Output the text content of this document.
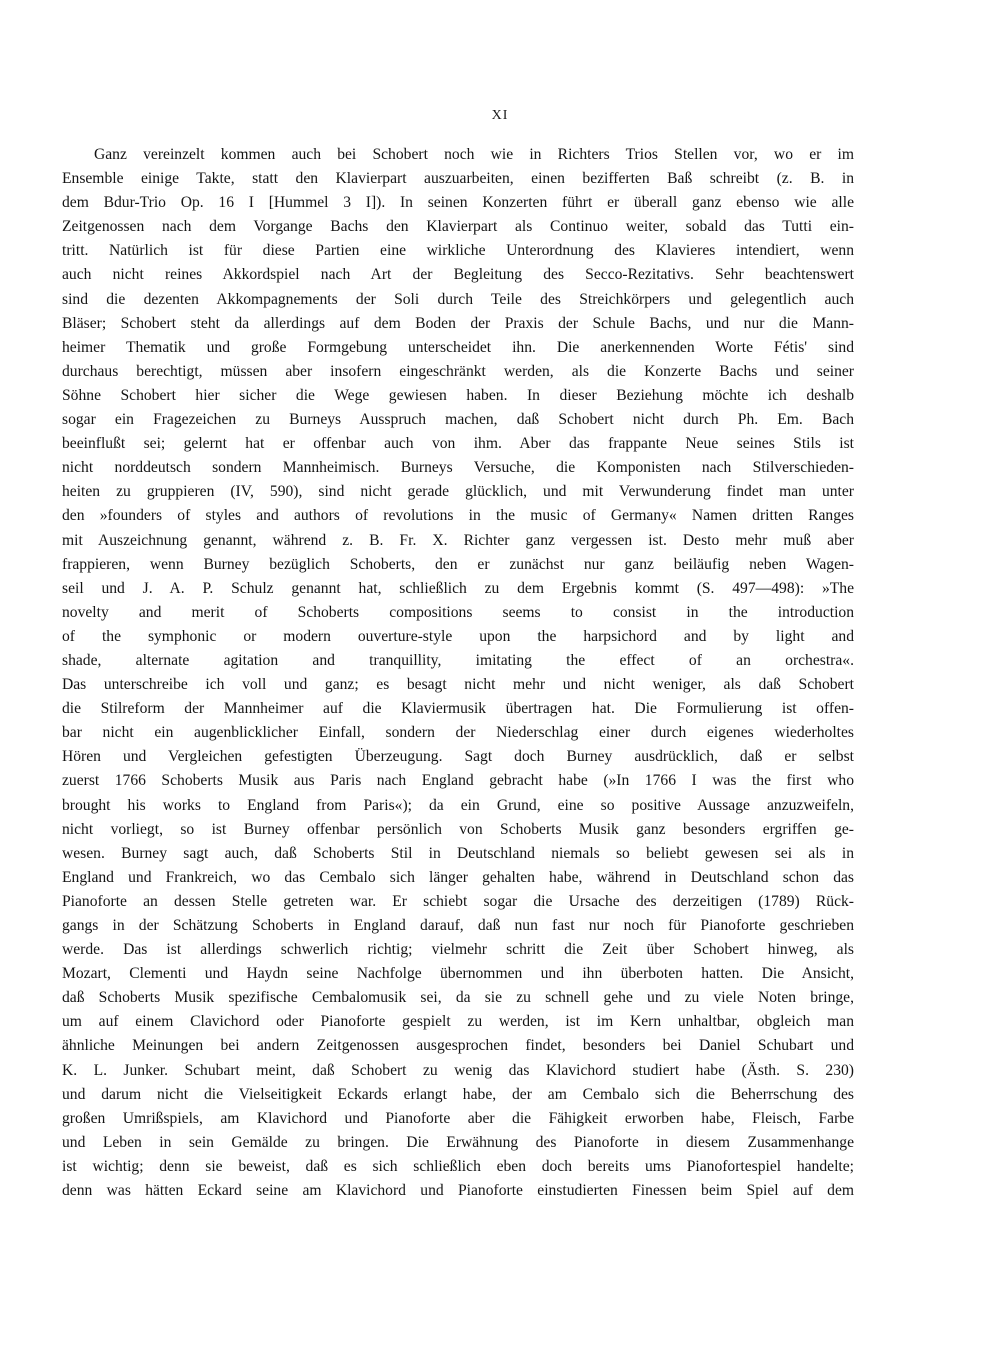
XI
Ganz vereinzelt kommen auch bei Schobert noch wie in Richters Trios Stellen vor, wo er im
Ensemble einige Takte, statt den Klavierpart auszuarbeiten, einen bezifferten Baß schreibt (z. B. in
dem Bdur-Trio Op. 16 I [Hummel 3 I]). In seinen Konzerten führt er überall ganz ebenso wie alle
Zeitgenossen nach dem Vorgange Bachs den Klavierpart als Continuo weiter, sobald das Tutti ein-
tritt. Natürlich ist für diese Partien eine wirkliche Unterordnung des Klavieres intendiert, wenn
auch nicht reines Akkordspiel nach Art der Begleitung des Secco-Rezitativs. Sehr beachtenswert
sind die dezenten Akkompagnements der Soli durch Teile des Streichkörpers und gelegentlich auch
Bläser; Schobert steht da allerdings auf dem Boden der Praxis der Schule Bachs, und nur die Mann-
heimer Thematik und große Formgebung unterscheidet ihn. Die anerkennenden Worte Fétis' sind
durchaus berechtigt, müssen aber insofern eingeschränkt werden, als die Konzerte Bachs und seiner
Söhne Schobert hier sicher die Wege gewiesen haben. In dieser Beziehung möchte ich deshalb
sogar ein Fragezeichen zu Burneys Ausspruch machen, daß Schobert nicht durch Ph. Em. Bach
beeinflußt sei; gelernt hat er offenbar auch von ihm. Aber das frappante Neue seines Stils ist
nicht norddeutsch sondern Mannheimisch. Burneys Versuche, die Komponisten nach Stilverschieden-
heiten zu gruppieren (IV, 590), sind nicht gerade glücklich, und mit Verwunderung findet man unter
den »founders of styles and authors of revolutions in the music of Germany« Namen dritten Ranges
mit Auszeichnung genannt, während z. B. Fr. X. Richter ganz vergessen ist. Desto mehr muß aber
frappieren, wenn Burney bezüglich Schoberts, den er zunächst nur ganz beiläufig neben Wagen-
seil und J. A. P. Schulz genannt hat, schließlich zu dem Ergebnis kommt (S. 497—498): »The
novelty and merit of Schoberts compositions seems to consist in the introduction
of the symphonic or modern ouverture-style upon the harpsichord and by light and
shade, alternate agitation and tranquillity, imitating the effect of an orchestra«.
Das unterschreibe ich voll und ganz; es besagt nicht mehr und nicht weniger, als daß Schobert
die Stilreform der Mannheimer auf die Klaviermusik übertragen hat. Die Formulierung ist offen-
bar nicht ein augenblicklicher Einfall, sondern der Niederschlag einer durch eigenes wiederholtes
Hören und Vergleichen gefestigten Überzeugung. Sagt doch Burney ausdrücklich, daß er selbst
zuerst 1766 Schoberts Musik aus Paris nach England gebracht habe (»In 1766 I was the first who
brought his works to England from Paris«); da ein Grund, eine so positive Aussage anzuzweifeln,
nicht vorliegt, so ist Burney offenbar persönlich von Schoberts Musik ganz besonders ergriffen ge-
wesen. Burney sagt auch, daß Schoberts Stil in Deutschland niemals so beliebt gewesen sei als in
England und Frankreich, wo das Cembalo sich länger gehalten habe, während in Deutschland schon das
Pianoforte an dessen Stelle getreten war. Er schiebt sogar die Ursache des derzeitigen (1789) Rück-
gangs in der Schätzung Schoberts in England darauf, daß nun fast nur noch für Pianoforte geschrieben
werde. Das ist allerdings schwerlich richtig; vielmehr schritt die Zeit über Schobert hinweg, als
Mozart, Clementi und Haydn seine Nachfolge übernommen und ihn überboten hatten. Die Ansicht,
daß Schoberts Musik spezifische Cembalomusik sei, da sie zu schnell gehe und zu viele Noten bringe,
um auf einem Clavichord oder Pianoforte gespielt zu werden, ist im Kern unhaltbar, obgleich man
ähnliche Meinungen bei andern Zeitgenossen ausgesprochen findet, besonders bei Daniel Schubart und
K. L. Junker. Schubart meint, daß Schobert zu wenig das Klavichord studiert habe (Ästh. S. 230)
und darum nicht die Vielseitigkeit Eckards erlangt habe, der am Cembalo sich die Beherrschung des
großen Umrißspiels, am Klavichord und Pianoforte aber die Fähigkeit erworben habe, Fleisch, Farbe
und Leben in sein Gemälde zu bringen. Die Erwähnung des Pianoforte in diesem Zusammenhange
ist wichtig; denn sie beweist, daß es sich schließlich eben doch bereits ums Pianofortespiel handelte;
denn was hätten Eckard seine am Klavichord und Pianoforte einstudierten Finessen beim Spiel auf dem
